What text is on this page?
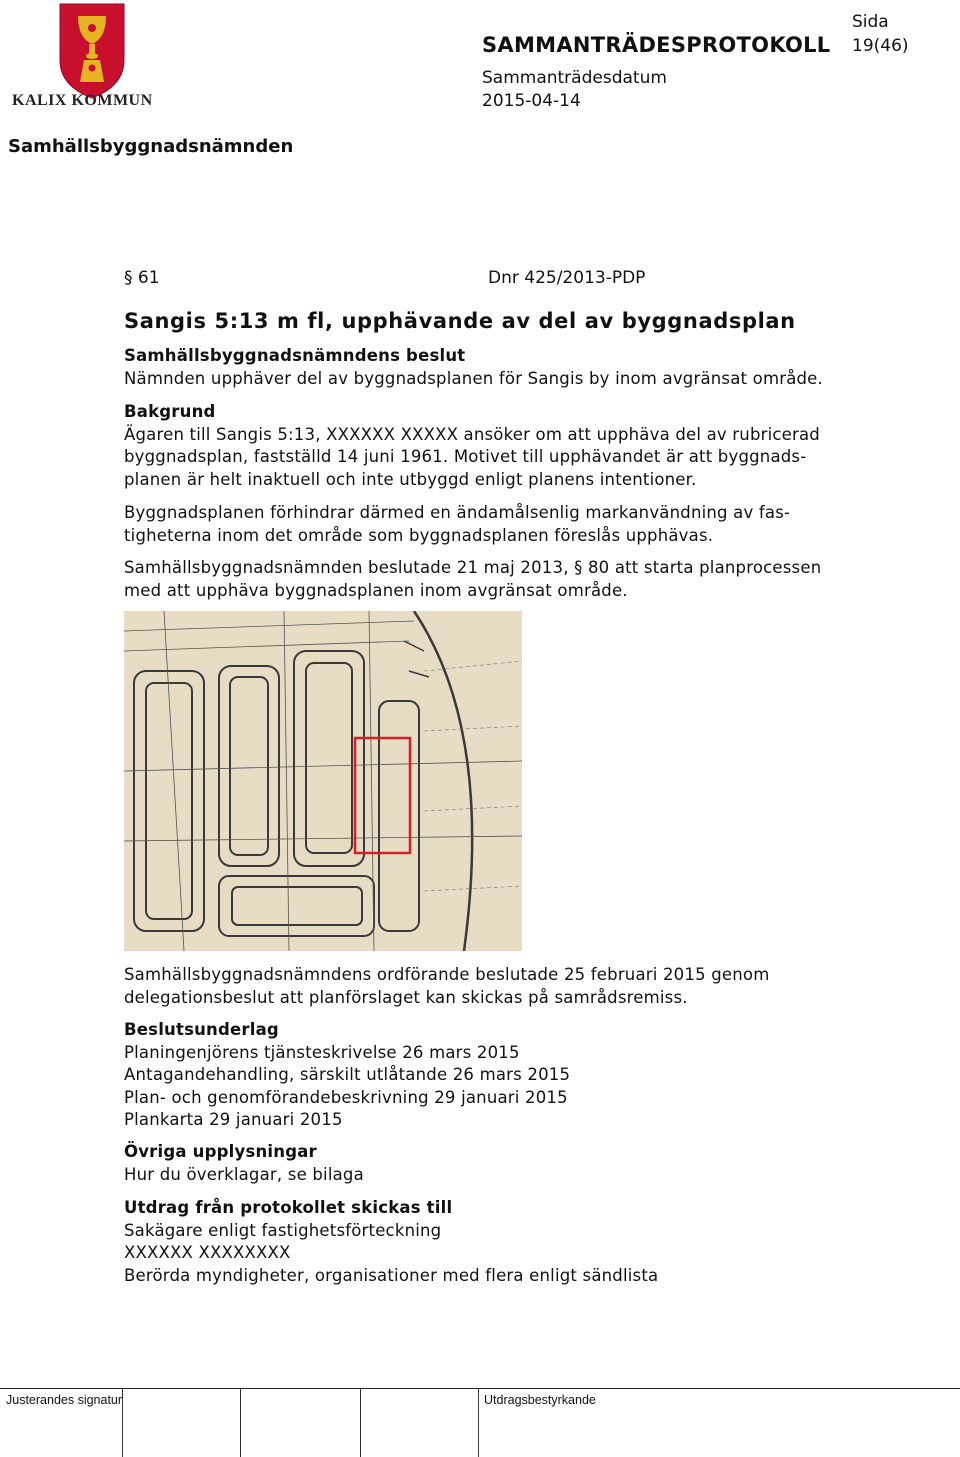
KALIX KOMMUN
Sida
19(46)
SAMMANTRÄDESPROTOKOLL
Sammanträdesdatum
2015-04-14
Samhällsbyggnadsnämnden
§ 61	Dnr 425/2013-PDP
Sangis 5:13 m fl, upphävande av del av byggnadsplan
Samhällsbyggnadsnämndens beslut
Nämnden upphäver del av byggnadsplanen för Sangis by inom avgränsat område.
Bakgrund
Ägaren till Sangis 5:13, XXXXXX XXXXX ansöker om att upphäva del av rubricerad
byggnadsplan, fastställd 14 juni 1961. Motivet till upphävandet är att byggnads-
planen är helt inaktuell och inte utbyggd enligt planens intentioner.
Byggnadsplanen förhindrar därmed en ändamålsenlig markanvändning av fas-
tigheterna inom det område som byggnadsplanen föreslås upphävas.
Samhällsbyggnadsnämnden beslutade 21 maj 2013, § 80 att starta planprocessen
med att upphäva byggnadsplanen inom avgränsat område.
Samhällsbyggnadsnämndens ordförande beslutade 25 februari 2015 genom
delegationsbeslut att planförslaget kan skickas på samrådsremiss.
Beslutsunderlag
Planingenjörens tjänsteskrivelse 26 mars 2015
Antagandehandling, särskilt utlåtande 26 mars 2015
Plan- och genomförandebeskrivning 29 januari 2015
Plankarta 29 januari 2015
Övriga upplysningar
Hur du överklagar, se bilaga
Utdrag från protokollet skickas till
Sakägare enligt fastighetsförteckning
XXXXXX XXXXXXXX
Berörda myndigheter, organisationer med flera enligt sändlista
Justerandes signatur	Utdragsbestyrkande
